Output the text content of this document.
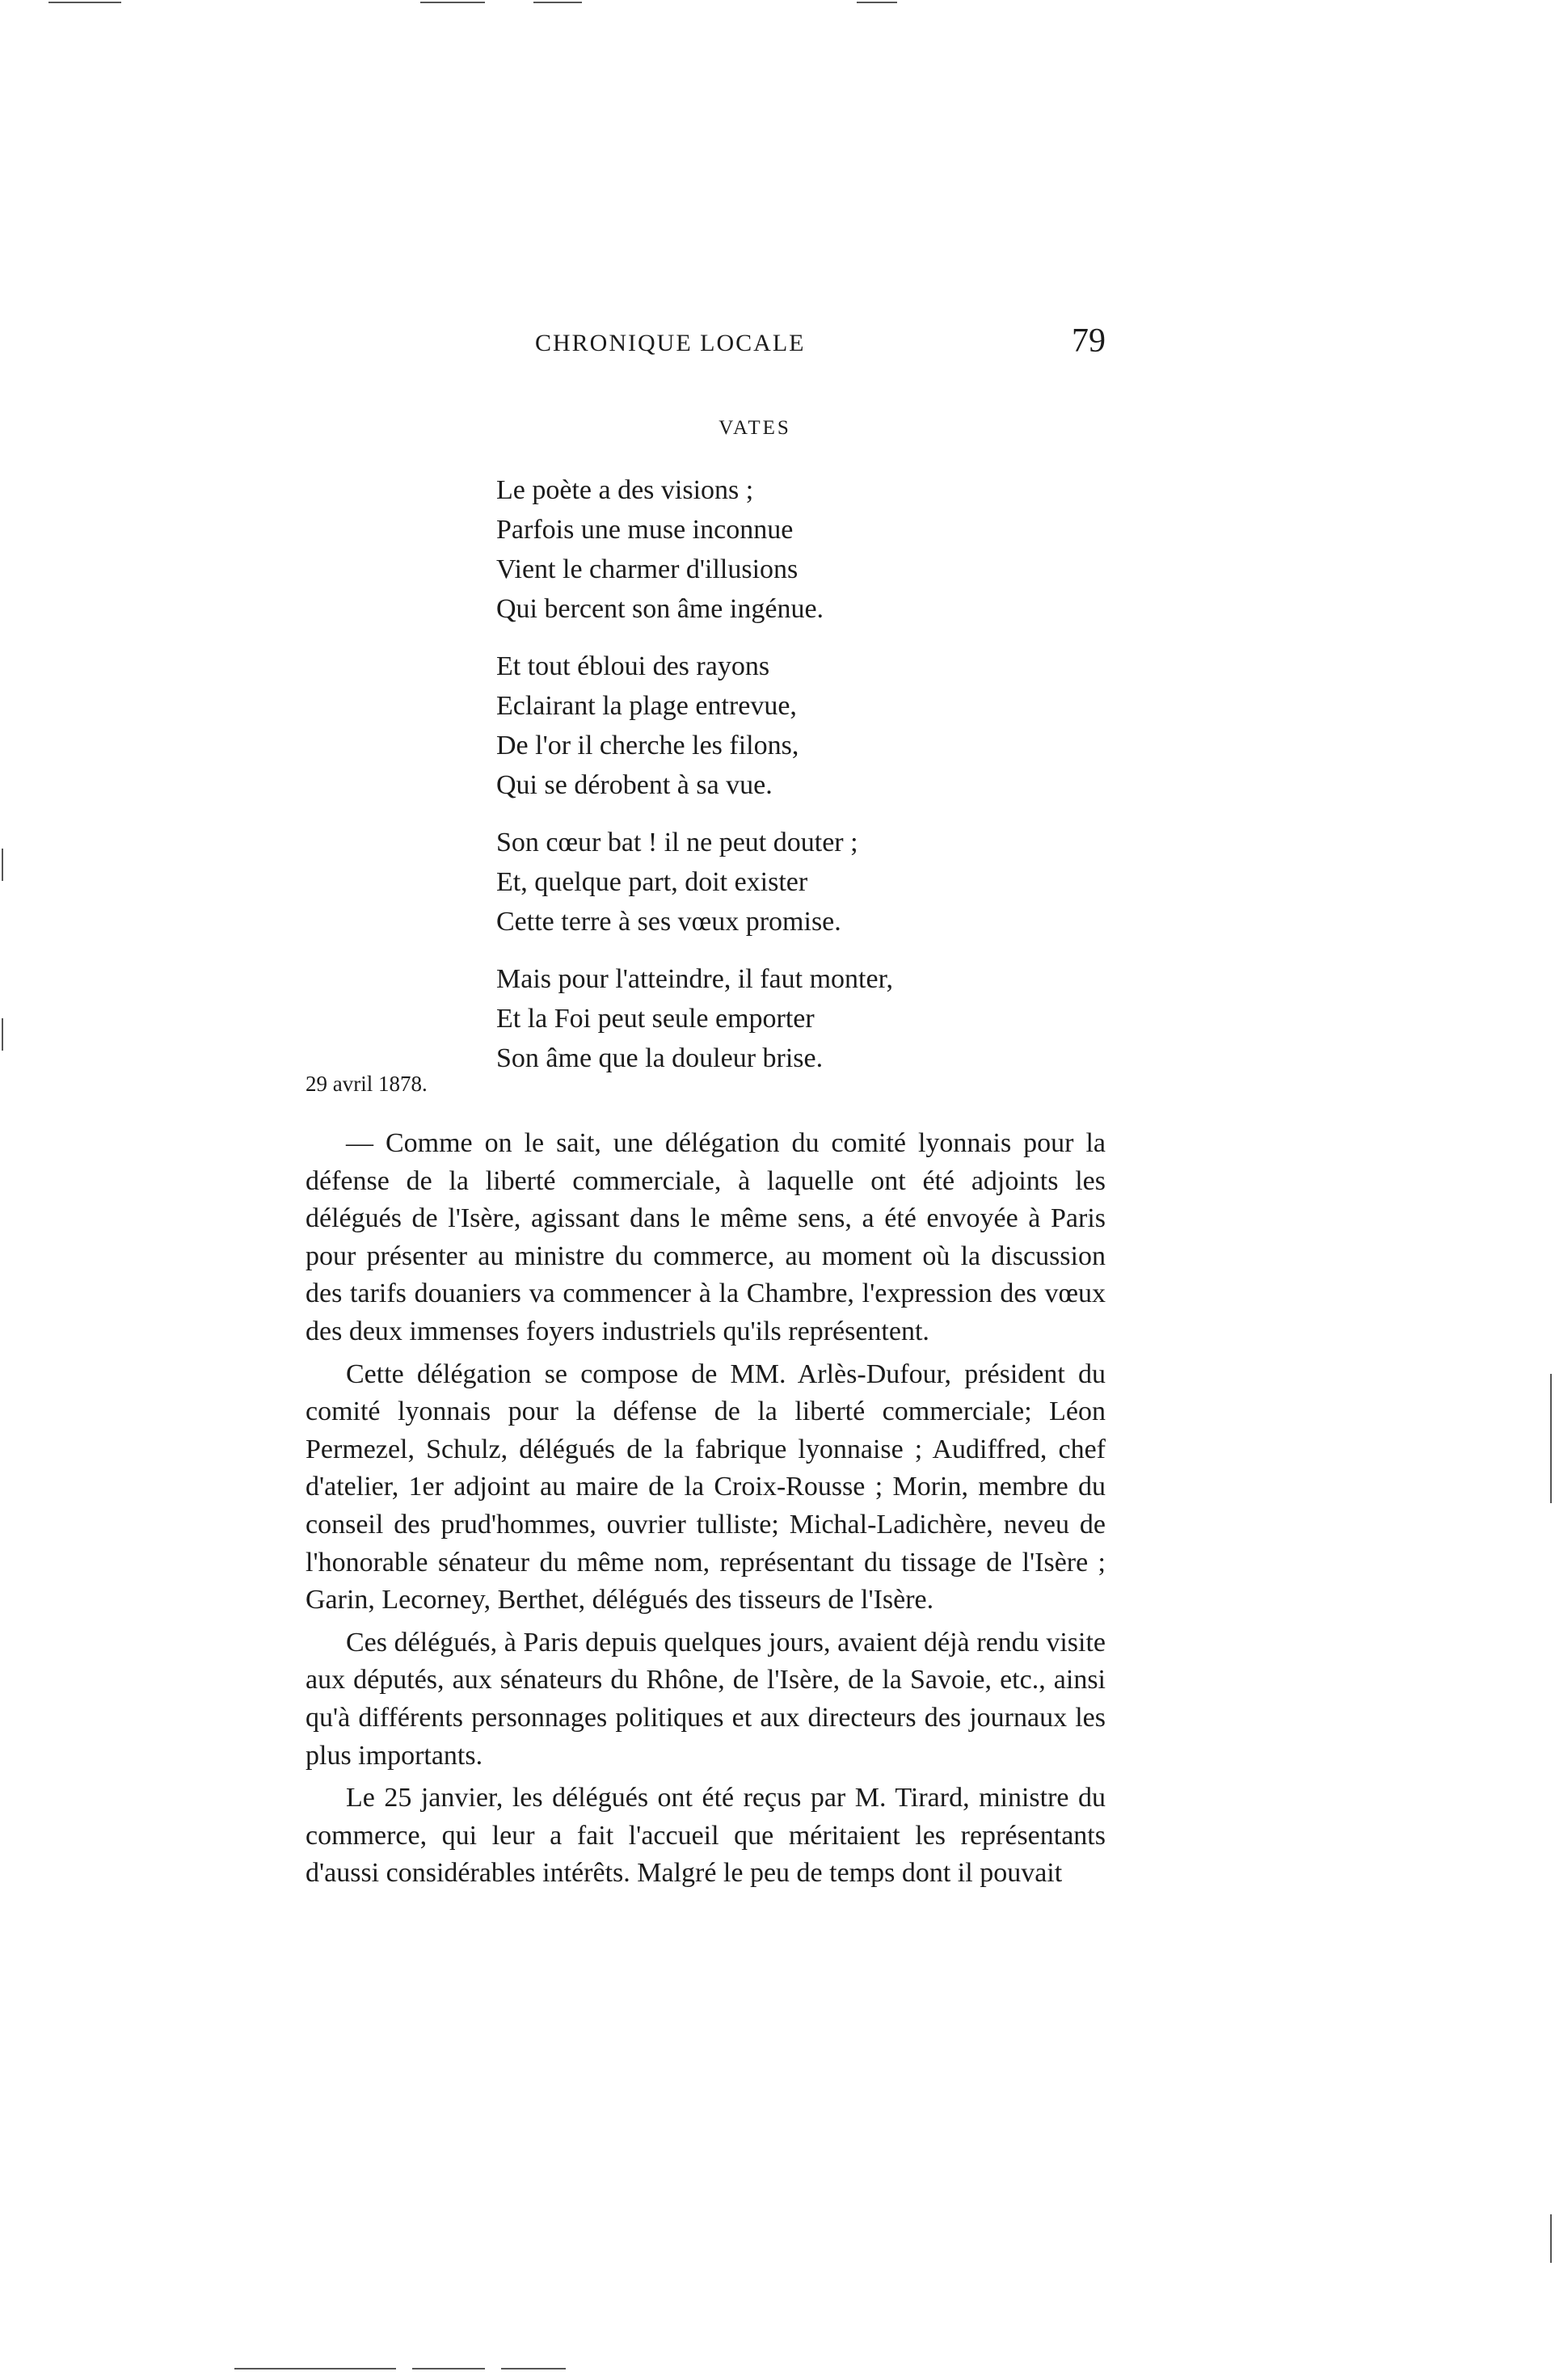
CHRONIQUE LOCALE	79
VATES
Le poète a des visions ;
Parfois une muse inconnue
Vient le charmer d'illusions
Qui bercent son âme ingénue.
Et tout ébloui des rayons
Eclairant la plage entrevue,
De l'or il cherche les filons,
Qui se dérobent à sa vue.
Son cœur bat ! il ne peut douter ;
Et, quelque part, doit exister
Cette terre à ses vœux promise.
Mais pour l'atteindre, il faut monter,
Et la Foi peut seule emporter
Son âme que la douleur brise.
29 avril 1878.

— Comme on le sait, une délégation du comité lyonnais pour la défense de la liberté commerciale, à laquelle ont été adjoints les délégués de l'Isère, agissant dans le même sens, a été envoyée à Paris pour présenter au ministre du commerce, au moment où la discussion des tarifs douaniers va commencer à la Chambre, l'expression des vœux des deux immenses foyers industriels qu'ils représentent.

Cette délégation se compose de MM. Arlès-Dufour, président du comité lyonnais pour la défense de la liberté commerciale; Léon Permezel, Schulz, délégués de la fabrique lyonnaise ; Audiffred, chef d'atelier, 1er adjoint au maire de la Croix-Rousse ; Morin, membre du conseil des prud'hommes, ouvrier tulliste; Michal-Ladichère, neveu de l'honorable sénateur du même nom, représentant du tissage de l'Isère ; Garin, Lecorney, Berthet, délégués des tisseurs de l'Isère.

Ces délégués, à Paris depuis quelques jours, avaient déjà rendu visite aux députés, aux sénateurs du Rhône, de l'Isère, de la Savoie, etc., ainsi qu'à différents personnages politiques et aux directeurs des journaux les plus importants.

Le 25 janvier, les délégués ont été reçus par M. Tirard, ministre du commerce, qui leur a fait l'accueil que méritaient les représentants d'aussi considérables intérêts. Malgré le peu de temps dont il pouvait
